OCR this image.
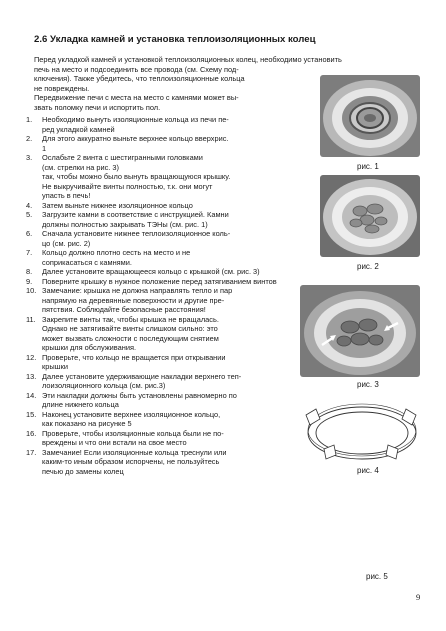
2.6 Укладка камней и установка теплоизоляционных колец
Перед укладкой камней и установкой теплоизоляционных колец, необходимо установить
печь на место и подсоединить все провода (см. Схему под-
ключения). Также убедитесь, что теплоизоляционные кольца
не повреждены.
Передвижение печи с места на место с камнями может вы-
звать поломку печи и испортить пол.
1. Необходимо вынуть изоляционные кольца из печи пе-
ред укладкой камней
2. Для этого аккуратно выньте верхнее кольцо вверхрис.
1
3. Ослабьте 2 винта с шестигранными головками
(см. стрелки на рис. 3)
так, чтобы можно было вынуть вращающуюся крышку.
Не выкручивайте винты полностью, т.к. они могут
упасть в печь!
4. Затем выньте нижнее изоляционное кольцо
5. Загрузите камни в соответствие с инструкцией. Камни
должны полностью закрывать ТЭНы (см. рис. 1)
6. Сначала установите нижнее теплоизоляционное коль-
цо (см. рис. 2)
7. Кольцо должно плотно сесть на место и не
соприкасаться с камнями.
8. Далее установите вращающееся кольцо с крышкой (см. рис. 3)
9. Поверните крышку в нужное положение перед затягиванием винтов
10. Замечание: крышка не должна направлять тепло и пар
напрямую на деревянные поверхности и другие пре-
пятствия. Соблюдайте безопасные расстояния!
11. Закрепите винты так, чтобы крышка не вращалась.
Однако не затягивайте винты слишком сильно: это
может вызвать сложности с последующим снятием
крышки для обслуживания.
12. Проверьте, что кольцо не вращается при открывании
крышки
13. Далее установите удерживающие накладки верхнего теп-
лоизоляционного кольца (см. рис.3)
14. Эти накладки должны быть установлены равномерно по
длине нижнего кольца
15. Наконец установите верхнее изоляционное кольцо,
как показано на рисунке 5
16. Проверьте, чтобы изоляционные кольца были не по-
вреждены и что они встали на свое место
17. Замечание! Если изоляционные кольца треснули или
каким-то иным образом испорчены, не пользуйтесь
печью до замены колец
рис. 1
рис. 2
рис. 3
рис. 4
рис. 5
9
